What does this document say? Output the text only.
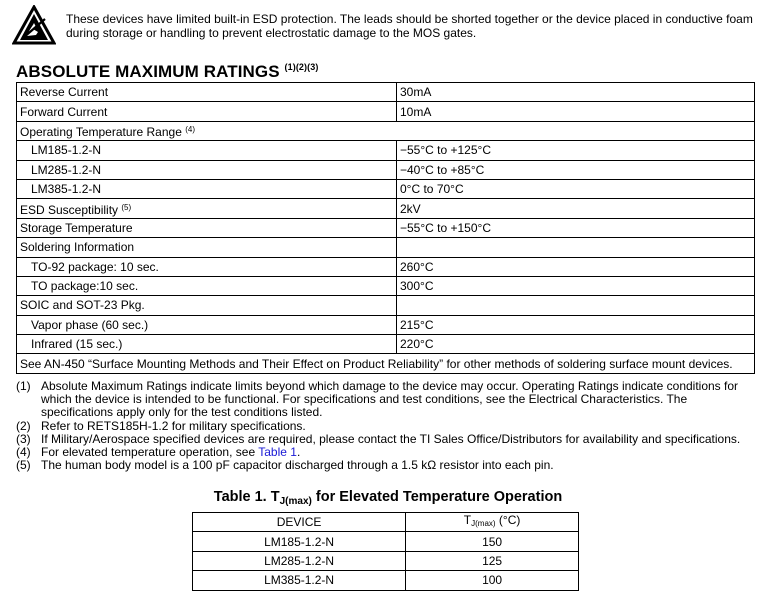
These devices have limited built-in ESD protection. The leads should be shorted together or the device placed in conductive foam
during storage or handling to prevent electrostatic damage to the MOS gates.
ABSOLUTE MAXIMUM RATINGS $^{(1)(2)(3)}$
Reverse Current	30mA
Forward Current	10mA
Operating Temperature Range $^{(4)}$
LM185-1.2-N	−55°C to +125°C
LM285-1.2-N	−40°C to +85°C
LM385-1.2-N	0°C to 70°C
ESD Susceptibility $^{(5)}$	2kV
Storage Temperature	−55°C to +150°C
Soldering Information	
TO-92 package: 10 sec.	260°C
TO package:10 sec.	300°C
SOIC and SOT-23 Pkg.	
Vapor phase (60 sec.)	215°C
Infrared (15 sec.)	220°C
See AN-450 “Surface Mounting Methods and Their Effect on Product Reliability” for other methods of soldering surface mount devices.	
(1) Absolute Maximum Ratings indicate limits beyond which damage to the device may occur. Operating Ratings indicate conditions for which the device is intended to be functional. For specifications and test conditions, see the Electrical Characteristics. The specifications apply only for the test conditions listed.
(2) Refer to RETS185H-1.2 for military specifications.
(3) If Military/Aerospace specified devices are required, please contact the TI Sales Office/Distributors for availability and specifications.
(4) For elevated temperature operation, see Table 1.
(5) The human body model is a 100 pF capacitor discharged through a 1.5 kΩ resistor into each pin.
Table 1. $T_{J(max)}$ for Elevated Temperature Operation
DEVICE	$T_{J(max)}$ (°C)
LM185-1.2-N	150
LM285-1.2-N	125
LM385-1.2-N	100
